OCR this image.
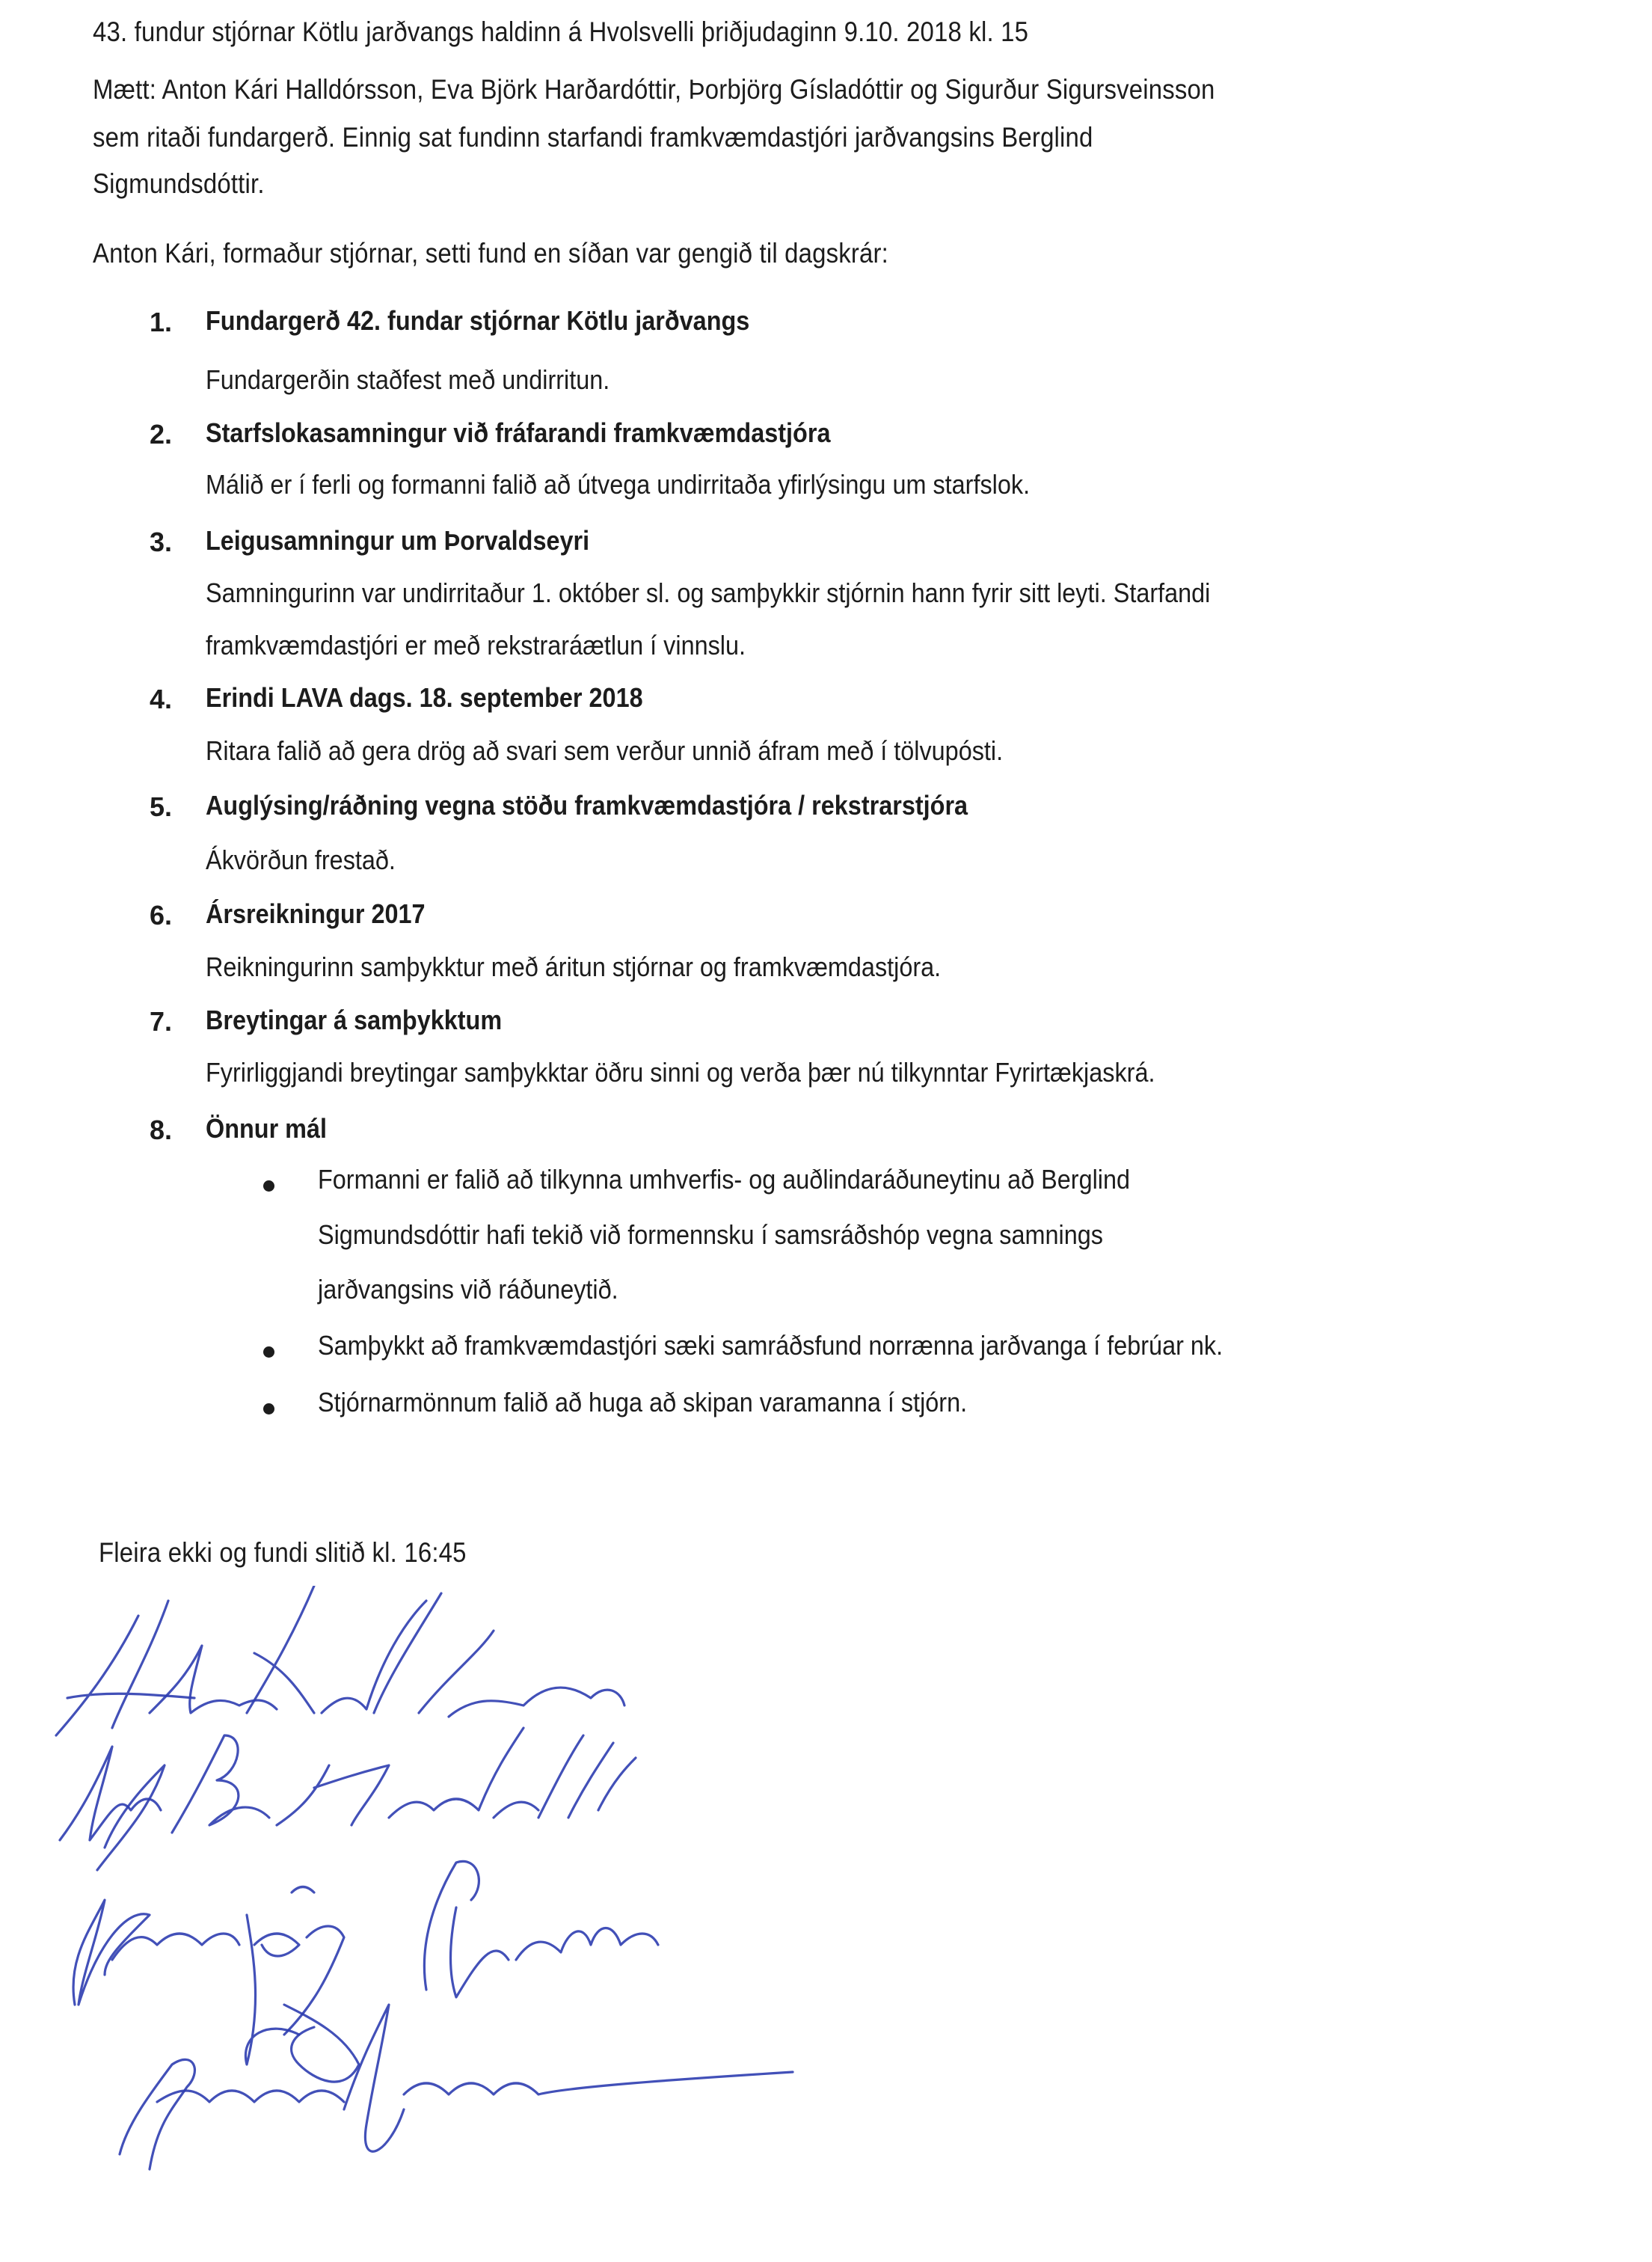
43. fundur stjórnar Kötlu jarðvangs haldinn á Hvolsvelli þriðjudaginn 9.10. 2018 kl. 15
Mætt: Anton Kári Halldórsson, Eva Björk Harðardóttir, Þorbjörg Gísladóttir og Sigurður Sigursveinsson
sem ritaði fundargerð. Einnig sat fundinn starfandi framkvæmdastjóri jarðvangsins Berglind
Sigmundsdóttir.
Anton Kári, formaður stjórnar, setti fund en síðan var gengið til dagskrár:
1. Fundargerð 42. fundar stjórnar Kötlu jarðvangs
Fundargerðin staðfest með undirritun.
2. Starfslokasamningur við fráfarandi framkvæmdastjóra
Málið er í ferli og formanni falið að útvega undirritaða yfirlýsingu um starfslok.
3. Leigusamningur um Þorvaldseyri
Samningurinn var undirritaður 1. október sl. og samþykkir stjórnin hann fyrir sitt leyti. Starfandi
framkvæmdastjóri er með rekstraráætlun í vinnslu.
4. Erindi LAVA dags. 18. september 2018
Ritara falið að gera drög að svari sem verður unnið áfram með í tölvupósti.
5. Auglýsing/ráðning vegna stöðu framkvæmdastjóra / rekstrarstjóra
Ákvörðun frestað.
6. Ársreikningur 2017
Reikningurinn samþykktur með áritun stjórnar og framkvæmdastjóra.
7. Breytingar á samþykktum
Fyrirliggjandi breytingar samþykktar öðru sinni og verða þær nú tilkynntar Fyrirtækjaskrá.
8. Önnur mál
Formanni er falið að tilkynna umhverfis- og auðlindaráðuneytinu að Berglind
Sigmundsdóttir hafi tekið við formennsku í samsráðshóp vegna samnings
jarðvangsins við ráðuneytið.
Samþykkt að framkvæmdastjóri sæki samráðsfund norrænna jarðvanga í febrúar nk.
Stjórnarmönnum falið að huga að skipan varamanna í stjórn.
Fleira ekki og fundi slitið kl. 16:45
